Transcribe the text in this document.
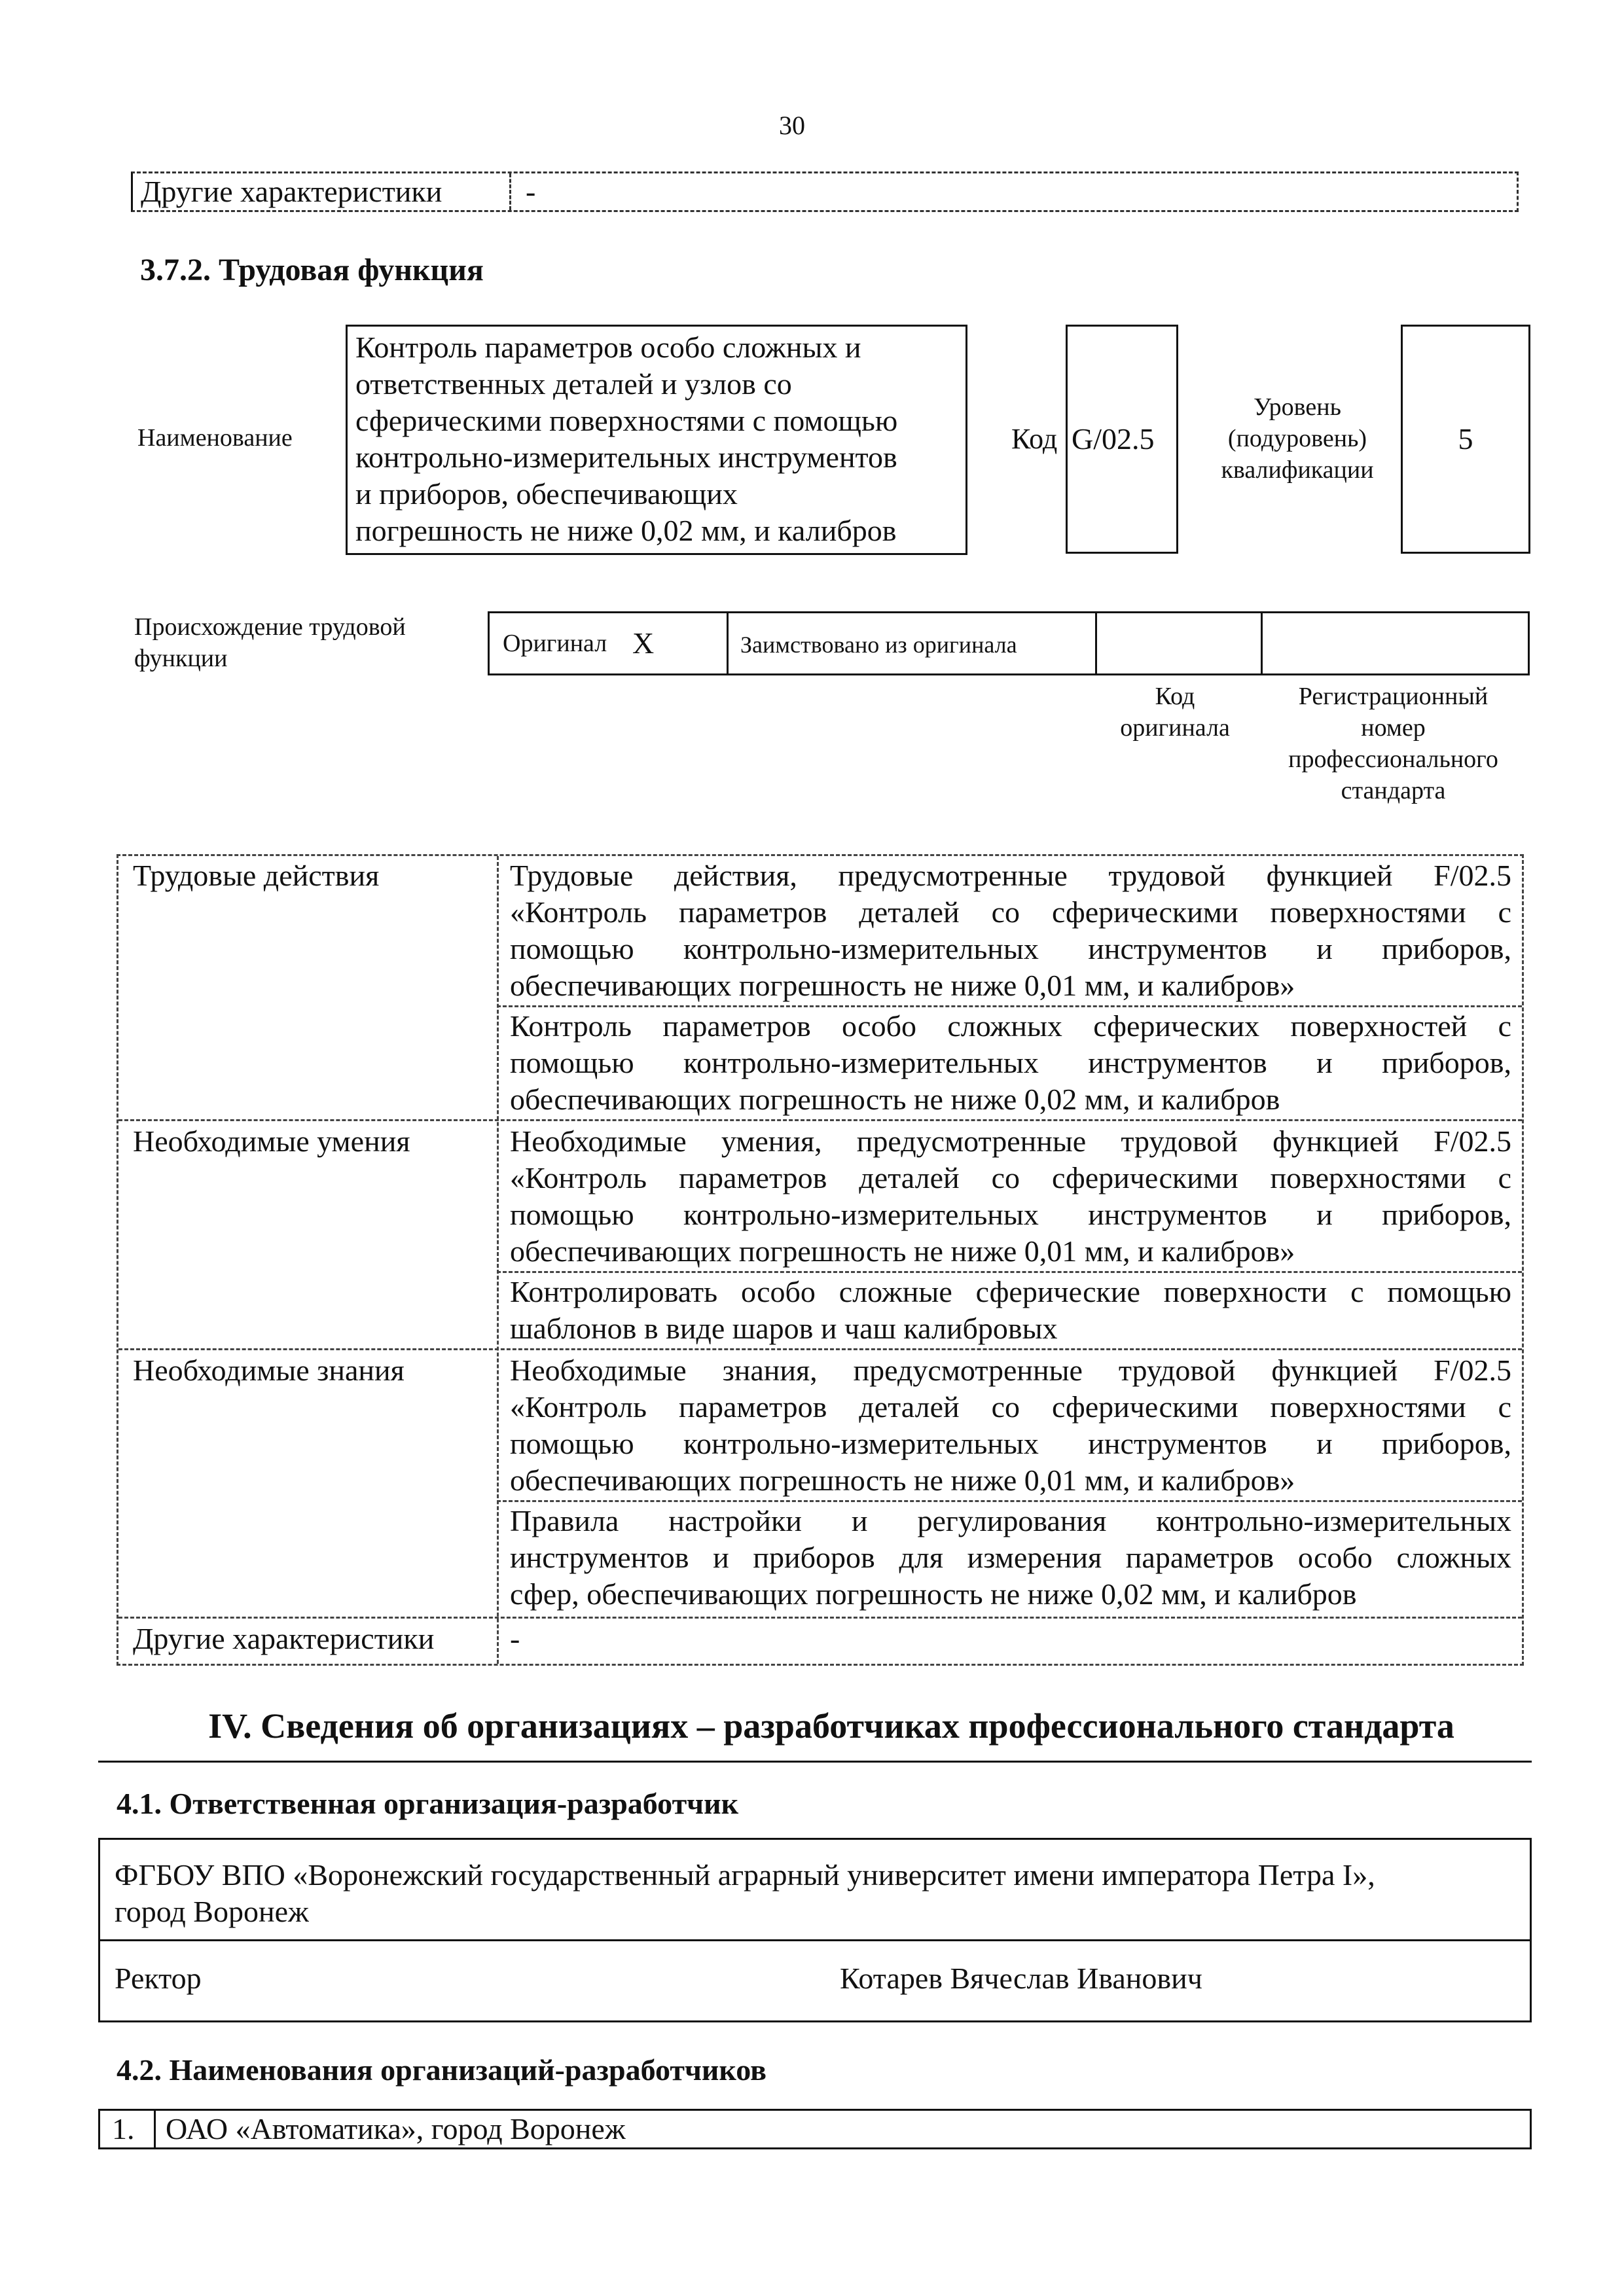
30
Другие характеристики	-
3.7.2. Трудовая функция
Наименование
Контроль параметров особо сложных и
ответственных деталей и узлов со
сферическими поверхностями с помощью
контрольно-измерительных инструментов
и приборов, обеспечивающих
погрешность не ниже 0,02 мм, и калибров
Код G/02.5
Уровень
(подуровень)
квалификации
5
Происхождение трудовой
функции
Оригинал X	Заимствовано из оригинала
Код
оригинала
Регистрационный
номер
профессионального
стандарта
Трудовые действия	Трудовые действия, предусмотренные трудовой функцией F/02.5
«Контроль параметров деталей со сферическими поверхностями с
помощью контрольно-измерительных инструментов и приборов,
обеспечивающих погрешность не ниже 0,01 мм, и калибров»
Контроль параметров особо сложных сферических поверхностей с
помощью контрольно-измерительных инструментов и приборов,
обеспечивающих погрешность не ниже 0,02 мм, и калибров
Необходимые умения	Необходимые умения, предусмотренные трудовой функцией F/02.5
«Контроль параметров деталей со сферическими поверхностями с
помощью контрольно-измерительных инструментов и приборов,
обеспечивающих погрешность не ниже 0,01 мм, и калибров»
Контролировать особо сложные сферические поверхности с помощью
шаблонов в виде шаров и чаш калибровых
Необходимые знания	Необходимые знания, предусмотренные трудовой функцией F/02.5
«Контроль параметров деталей со сферическими поверхностями с
помощью контрольно-измерительных инструментов и приборов,
обеспечивающих погрешность не ниже 0,01 мм, и калибров»
Правила настройки и регулирования контрольно-измерительных
инструментов и приборов для измерения параметров особо сложных
сфер, обеспечивающих погрешность не ниже 0,02 мм, и калибров
Другие характеристики	-
IV. Сведения об организациях – разработчиках профессионального стандарта
4.1. Ответственная организация-разработчик
ФГБОУ ВПО «Воронежский государственный аграрный университет имени императора Петра I»,
город Воронеж
Ректор	Котарев Вячеслав Иванович
4.2. Наименования организаций-разработчиков
1. ОАО «Автоматика», город Воронеж
